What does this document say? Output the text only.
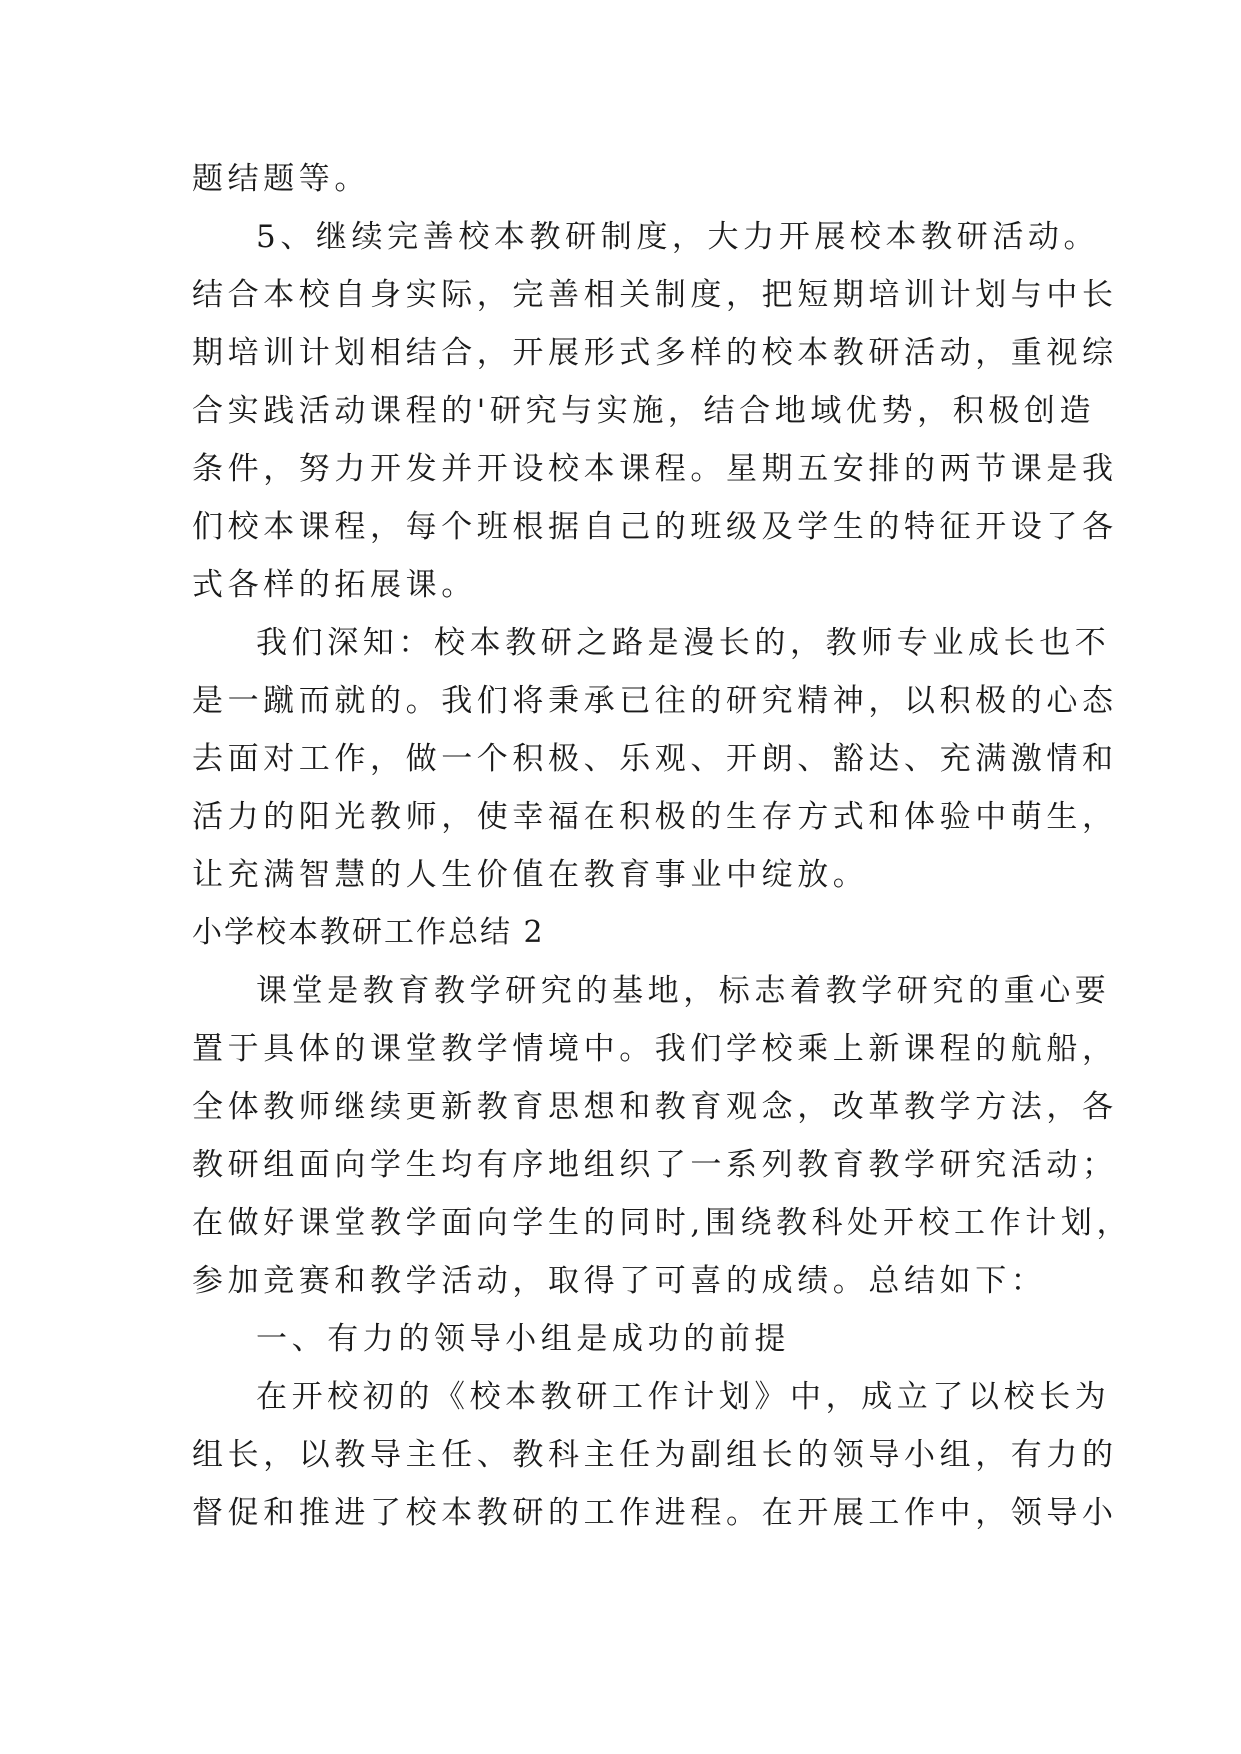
题结题等。
5、继续完善校本教研制度，大力开展校本教研活动。
结合本校自身实际，完善相关制度，把短期培训计划与中长
期培训计划相结合，开展形式多样的校本教研活动，重视综
合实践活动课程的'研究与实施，结合地域优势，积极创造
条件，努力开发并开设校本课程。星期五安排的两节课是我
们校本课程，每个班根据自己的班级及学生的特征开设了各
式各样的拓展课。
我们深知：校本教研之路是漫长的，教师专业成长也不
是一蹴而就的。我们将秉承已往的研究精神，以积极的心态
去面对工作，做一个积极、乐观、开朗、豁达、充满激情和
活力的阳光教师，使幸福在积极的生存方式和体验中萌生，
让充满智慧的人生价值在教育事业中绽放。
小学校本教研工作总结 2
课堂是教育教学研究的基地，标志着教学研究的重心要
置于具体的课堂教学情境中。我们学校乘上新课程的航船，
全体教师继续更新教育思想和教育观念，改革教学方法，各
教研组面向学生均有序地组织了一系列教育教学研究活动；
在做好课堂教学面向学生的同时,围绕教科处开校工作计划，
参加竞赛和教学活动，取得了可喜的成绩。总结如下：
一、有力的领导小组是成功的前提
在开校初的《校本教研工作计划》中，成立了以校长为
组长，以教导主任、教科主任为副组长的领导小组，有力的
督促和推进了校本教研的工作进程。在开展工作中，领导小
